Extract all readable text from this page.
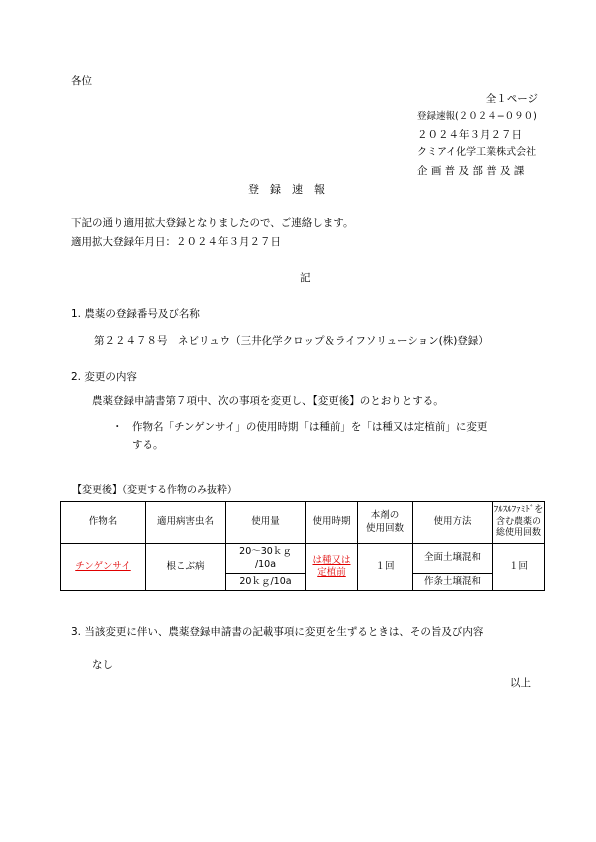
各位
全１ページ
登録速報(２０２４−０９０)
２０２４年３月２７日
クミアイ化学工業株式会社
企 画 普 及 部 普 及 課
登　録　速　報
下記の通り適用拡大登録となりましたので、ご連絡します。
適用拡大登録年月日：２０２４年３月２７日
記
1. 農薬の登録番号及び名称
第２２４７８号　ネビリュウ（三井化学クロップ＆ライフソリューション(株)登録）
2. 変更の内容
農薬登録申請書第７項中、次の事項を変更し、【変更後】のとおりとする。
・ 作物名「チンゲンサイ」の使用時期「は種前」を「は種又は定植前」に変更
する。
【変更後】（変更する作物のみ抜粋）
作物名	適用病害虫名	使用量	使用時期	本剤の
使用回数	使用方法	ﾌﾙｽﾙﾌｧﾐﾄﾞを
含む農薬の
総使用回数
チンゲンサイ	根こぶ病	20〜30ｋｇ
/10a	は種又は
定植前	１回	全面土壌混和	１回
		20ｋｇ/10a			作条土壌混和	
3. 当該変更に伴い、農薬登録申請書の記載事項に変更を生ずるときは、その旨及び内容
なし
以上
